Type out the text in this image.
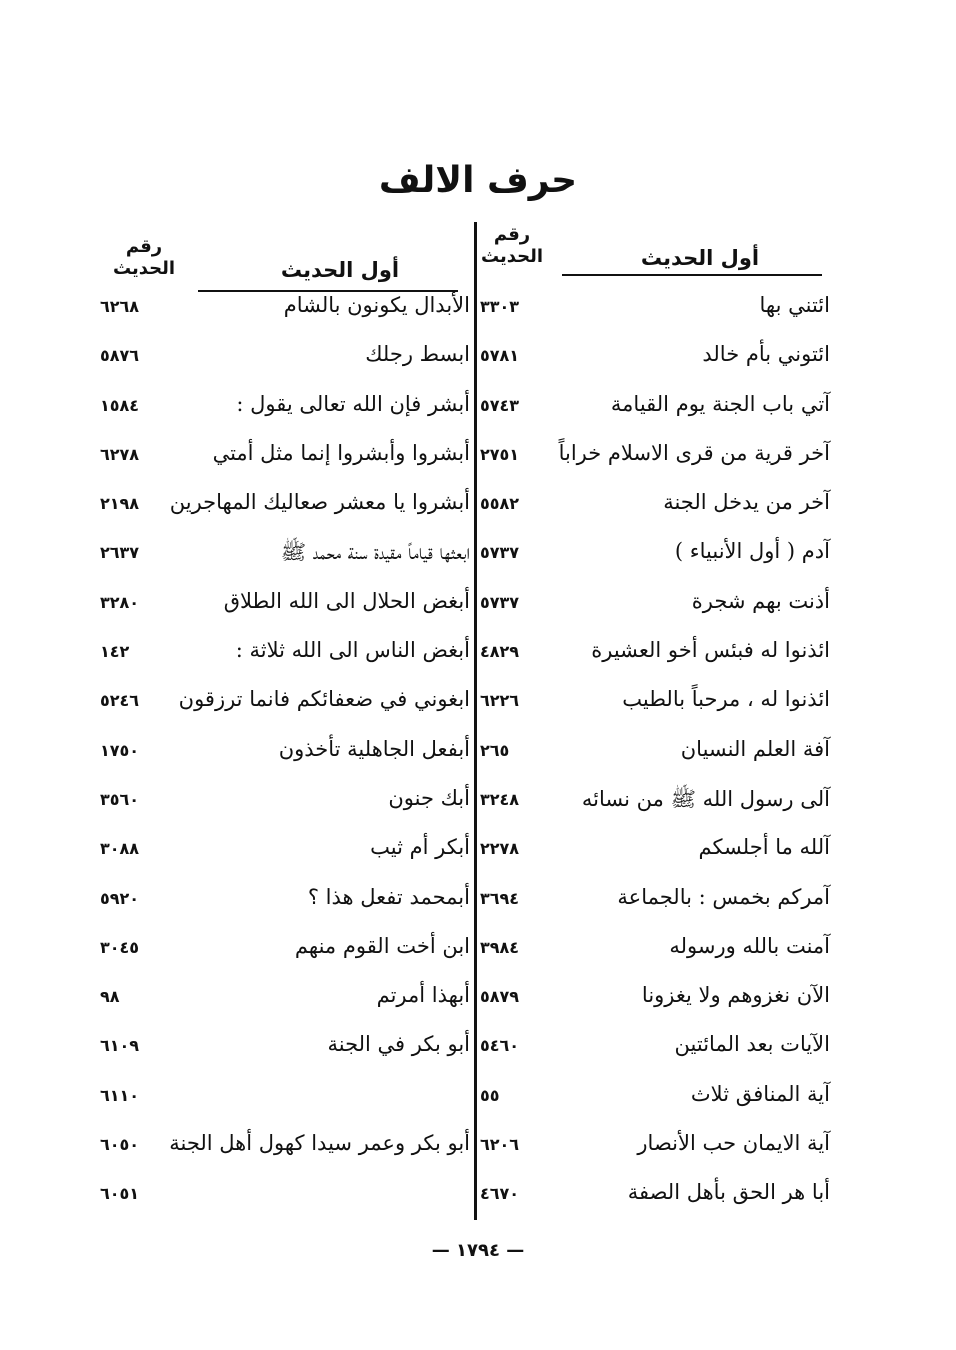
حرف الالف
رقم الحديث	أول الحديث
رقم الحديث	أول الحديث
ائتني بها
٣٣٠٣
ائتوني بأم خالد
٥٧٨١
آتي باب الجنة يوم القيامة
٥٧٤٣
آخر قرية من قرى الاسلام خراباً
٢٧٥١
آخر من يدخل الجنة
٥٥٨٢
آدم ( أول الأنبياء )
٥٧٣٧
أذنت بهم شجرة
٥٧٣٧
ائذنوا له فبئس أخو العشيرة
٤٨٢٩
ائذنوا له ، مرحباً بالطيب
٦٢٢٦
آفة العلم النسيان
٢٦٥
آلى رسول الله ﷺ من نسائه
٣٢٤٨
آلله ما أجلسكم
٢٢٧٨
آمركم بخمس : بالجماعة
٣٦٩٤
آمنت بالله ورسوله
٣٩٨٤
الآن نغزوهم ولا يغزونا
٥٨٧٩
الآيات بعد المائتين
٥٤٦٠
آية المنافق ثلاث
٥٥
آية الايمان حب الأنصار
٦٢٠٦
أبا هر الحق بأهل الصفة
٤٦٧٠
الأبدال يكونون بالشام
٦٢٦٨
ابسط رجلك
٥٨٧٦
أبشر فإن الله تعالى يقول :
١٥٨٤
أبشروا وأبشروا إنما مثل أمتي
٦٢٧٨
أبشروا يا معشر صعاليك المهاجرين
٢١٩٨
ابعثها قياماً مقيدة سنة محمد ﷺ
٢٦٣٧
أبغض الحلال الى الله الطلاق
٣٢٨٠
أبغض الناس الى الله ثلاثة :
١٤٢
ابغوني في ضعفائكم فانما ترزقون
٥٢٤٦
أبفعل الجاهلية تأخذون
١٧٥٠
أبك جنون
٣٥٦٠
أبكر أم ثيب
٣٠٨٨
أبمحمد تفعل هذا ؟
٥٩٢٠
ابن أخت القوم منهم
٣٠٤٥
أبهذا أمرتم
٩٨
أبو بكر في الجنة
٦١٠٩
٦١١٠
أبو بكر وعمر سيدا كهول أهل الجنة
٦٠٥٠
٦٠٥١
— ١٧٩٤ —
